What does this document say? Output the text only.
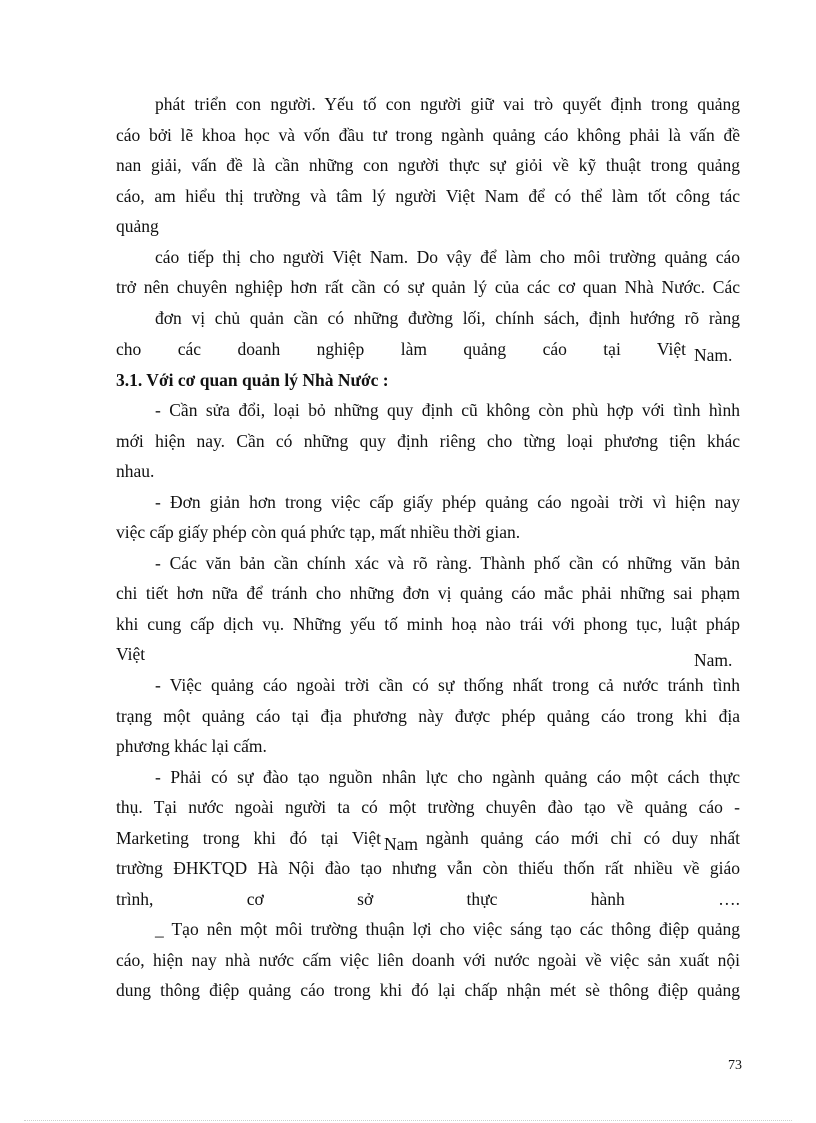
phát triển con người. Yếu tố con người giữ vai trò quyết định trong quảng
cáo bởi lẽ khoa học và vốn đầu tư trong ngành quảng cáo không phải là vấn đề
nan giải, vấn đề là cần những con người thực sự giỏi về kỹ thuật trong quảng
cáo, am hiểu thị trường và tâm lý người Việt Nam để có thể làm tốt công tác
quảng
cáo tiếp thị cho người Việt Nam. Do vậy để làm cho môi trường quảng cáo
trở nên chuyên nghiệp hơn rất cần có sự quản lý của các cơ quan Nhà Nước. Các
đơn vị chủ quản cần có những đường lối, chính sách, định hướng rõ ràng
cho các doanh nghiệp làm quảng cáo tại Việt Nam.
3.1. Với cơ quan quản lý Nhà Nước :
- Cần sửa đổi, loại bỏ những quy định cũ không còn phù hợp với tình hình
mới hiện nay. Cần có những quy định riêng cho từng loại phương tiện khác
nhau.
- Đơn giản hơn trong việc cấp giấy phép quảng cáo ngoài trời vì hiện nay
việc cấp giấy phép còn quá phức tạp, mất nhiều thời gian.
- Các văn bản cần chính xác và rõ ràng. Thành phố cần có những văn bản
chi tiết hơn nữa để tránh cho những đơn vị quảng cáo mắc phải những sai phạm
khi cung cấp dịch vụ. Những yếu tố minh hoạ nào trái với phong tục, luật pháp
Việt	Nam.
- Việc quảng cáo ngoài trời cần có sự thống nhất trong cả nước tránh tình
trạng một quảng cáo tại địa phương này được phép quảng cáo trong khi địa
phương khác lại cấm.
- Phải có sự đào tạo nguồn nhân lực cho ngành quảng cáo một cách thực
thụ. Tại nước ngoài người ta có một trường chuyên đào tạo về quảng cáo -
Marketing trong khi đó tại Việt Nam ngành quảng cáo mới chỉ có duy nhất
trường ĐHKTQD Hà Nội đào tạo nhưng vẫn còn thiếu thốn rất nhiều về giáo
trình, cơ sở thực hành ….
_ Tạo nên một môi trường thuận lợi cho việc sáng tạo các thông điệp quảng
cáo, hiện nay nhà nước cấm việc liên doanh với nước ngoài về việc sản xuất nội
dung thông điệp quảng cáo trong khi đó lại chấp nhận mét sè thông điệp quảng
73
